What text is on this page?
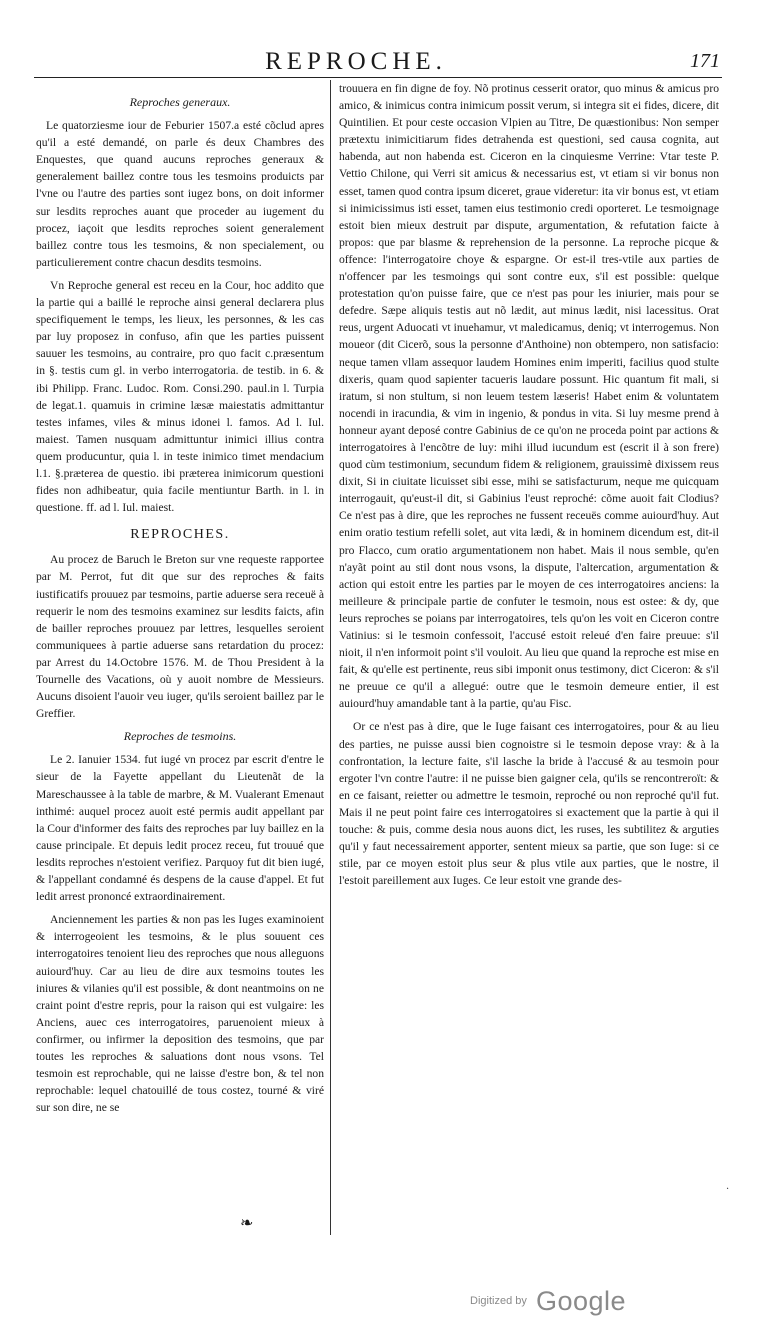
REPROCHE.	171
Reproches generaux.

Le quatorziesme iour de Feburier 1507.a esté cõclud apres qu'il a esté demandé, on parle és deux Chambres des Enquestes, que quand aucuns reproches generaux & generalement baillez contre tous les tesmoins produicts par l'vne ou l'autre des parties sont iugez bons, on doit informer sur lesdits reproches auant que proceder au iugement du procez, iaçoit que lesdits reproches soient generalement baillez contre tous les tesmoins, & non specialement, ou particulierement contre chacun desdits tesmoins.

Vn Reproche general est receu en la Cour, hoc addito que la partie qui a baillé le reproche ainsi general declarera plus specifiquement le temps, les lieux, les personnes, & les cas par luy proposez in confuso, afin que les parties puissent sauuer les tesmoins, au contraire, pro quo facit c.præsentum in §. testis cum gl. in verbo interrogatoria. de testib. in 6. & ibi Philipp. Franc. Ludoc. Rom. Consi.290. paul.in l. Turpia de legat.1. quamuis in crimine læsæ maiestatis admittantur testes infames, viles & minus idonei l. famos. Ad l. Iul. maiest. Tamen nusquam admittuntur inimici illius contra quem producuntur, quia l. in teste inimico timet mendacium l.1. §.præterea de questio. ibi præterea inimicorum questioni fides non adhibeatur, quia facile mentiuntur Barth. in l. in questione. ff. ad l. Iul. maiest.

REPROCHES.

Au procez de Baruch le Breton sur vne requeste rapportee par M. Perrot, fut dit que sur des reproches & faits iustificatifs prouuez par tesmoins, partie aduerse sera receuë à requerir le nom des tesmoins examinez sur lesdits faicts, afin de bailler reproches prouuez par lettres, lesquelles seroient communiquees à partie aduerse sans retardation du procez: par Arrest du 14.Octobre 1576. M. de Thou President à la Tournelle des Vacations, où y auoit nombre de Messieurs. Aucuns disoient l'auoir veu iuger, qu'ils seroient baillez par le Greffier.

Reproches de tesmoins.

Le 2. Ianuier 1534. fut iugé vn procez par escrit d'entre le sieur de la Fayette appellant du Lieutenãt de la Mareschaussee à la table de marbre, & M. Vualerant Emenaut inthimé: auquel procez auoit esté permis audit appellant par la Cour d'informer des faits des reproches par luy baillez en la cause principale. Et depuis ledit procez receu, fut trouué que lesdits reproches n'estoient verifiez. Parquoy fut dit bien iugé, & l'appellant condamné és despens de la cause d'appel. Et fut ledit arrest prononcé extraordinairement.

Anciennement les parties & non pas les Iuges examinoient & interrogeoient les tesmoins, & le plus souuent ces interrogatoires tenoient lieu des reproches que nous alleguons auiourd'huy. Car au lieu de dire aux tesmoins toutes les iniures & vilanies qu'il est possible, & dont neantmoins on ne craint point d'estre repris, pour la raison qui est vulgaire: les Anciens, auec ces interrogatoires, paruenoient mieux à confirmer, ou infirmer la deposition des tesmoins, que par toutes les reproches & saluations dont nous vsons. Tel tesmoin est reprochable, qui ne laisse d'estre bon, & tel non reprochable: lequel chatouillé de tous costez, tourné & viré sur son dire, ne se

trouuera en fin digne de foy. Nõ protinus cesserit orator, quo minus & amicus pro amico, & inimicus contra inimicum possit verum, si integra sit ei fides, dicere, dit Quintilien. Et pour ceste occasion Vlpien au Titre, De quæstionibus: Non semper prætextu inimicitiarum fides detrahenda est questioni, sed causa cognita, aut habenda, aut non habenda est. Ciceron en la cinquiesme Verrine: Vtar teste P. Vettio Chilone, qui Verri sit amicus & necessarius est, vt etiam si vir bonus non esset, tamen quod contra ipsum diceret, graue videretur: ita vir bonus est, vt etiam si inimicissimus isti esset, tamen eius testimonio credi oporteret. Le tesmoignage estoit bien mieux destruit par dispute, argumentation, & refutation faicte à propos: que par blasme & reprehension de la personne. La reproche picque & offence: l'interrogatoire choye & espargne. Or est-il tres-vtile aux parties de n'offencer par les tesmoings qui sont contre eux, s'il est possible: quelque protestation qu'on puisse faire, que ce n'est pas pour les iniurier, mais pour se defedre. Sæpe aliquis testis aut nõ lædit, aut minus lædit, nisi lacessitus. Orat reus, urgent Aduocati vt inuehamur, vt maledicamus, deniq; vt interrogemus. Non moueor (dit Cicerõ, sous la personne d'Anthoine) non obtempero, non satisfacio: neque tamen vllam assequor laudem Homines enim imperiti, facilius quod stulte dixeris, quam quod sapienter tacueris laudare possunt. Hic quantum fit mali, si iratum, si non stultum, si non leuem testem læseris! Habet enim & voluntatem nocendi in iracundia, & vim in ingenio, & pondus in vita. Si luy mesme prend à honneur ayant deposé contre Gabinius de ce qu'on ne proceda point par actions & interrogatoires à l'encõtre de luy: mihi illud iucundum est (escrit il à son frere) quod cùm testimonium, secundum fidem & religionem, grauissimè dixissem reus dixit, Si in ciuitate licuisset sibi esse, mihi se satisfacturum, neque me quicquam interrogauit, qu'eust-il dit, si Gabinius l'eust reproché: cõme auoit fait Clodius? Ce n'est pas à dire, que les reproches ne fussent receuës comme auiourd'huy. Aut enim oratio testium refelli solet, aut vita lædi, & in hominem dicendum est, dit-il pro Flacco, cum oratio argumentationem non habet. Mais il nous semble, qu'en n'ayãt point au stil dont nous vsons, la dispute, l'altercation, argumentation & action qui estoit entre les parties par le moyen de ces interrogatoires anciens: la meilleure & principale partie de confuter le tesmoin, nous est ostee: & dy, que leurs reproches se poians par interrogatoires, tels qu'on les voit en Ciceron contre Vatinius: si le tesmoin confessoit, l'accusé estoit releué d'en faire preuue: s'il nioit, il n'en informoit point s'il vouloit. Au lieu que quand la reproche est mise en fait, & qu'elle est pertinente, reus sibi imponit onus testimony, dict Ciceron: & s'il ne preuue ce qu'il a allegué: outre que le tesmoin demeure entier, il est auiourd'huy amandable tant à la partie, qu'au Fisc.

Or ce n'est pas à dire, que le Iuge faisant ces interrogatoires, pour & au lieu des parties, ne puisse aussi bien cognoistre si le tesmoin depose vray: & à la confrontation, la lecture faite, s'il lasche la bride à l'accusé & au tesmoin pour ergoter l'vn contre l'autre: il ne puisse bien gaigner cela, qu'ils se rencontreroït: & en ce faisant, reietter ou admettre le tesmoin, reproché ou non reproché qu'il fut. Mais il ne peut point faire ces interrogatoires si exactement que la partie à qui il touche: & puis, comme desia nous auons dict, les ruses, les subtilitez & arguties qu'il y faut necessairement apporter, sentent mieux sa partie, que son Iuge: si ce stile, par ce moyen estoit plus seur & plus vtile aux parties, que le nostre, il l'estoit pareillement aux Iuges. Ce leur estoit vne grande des-

❧
·
$^{Digitized by}$ Google
